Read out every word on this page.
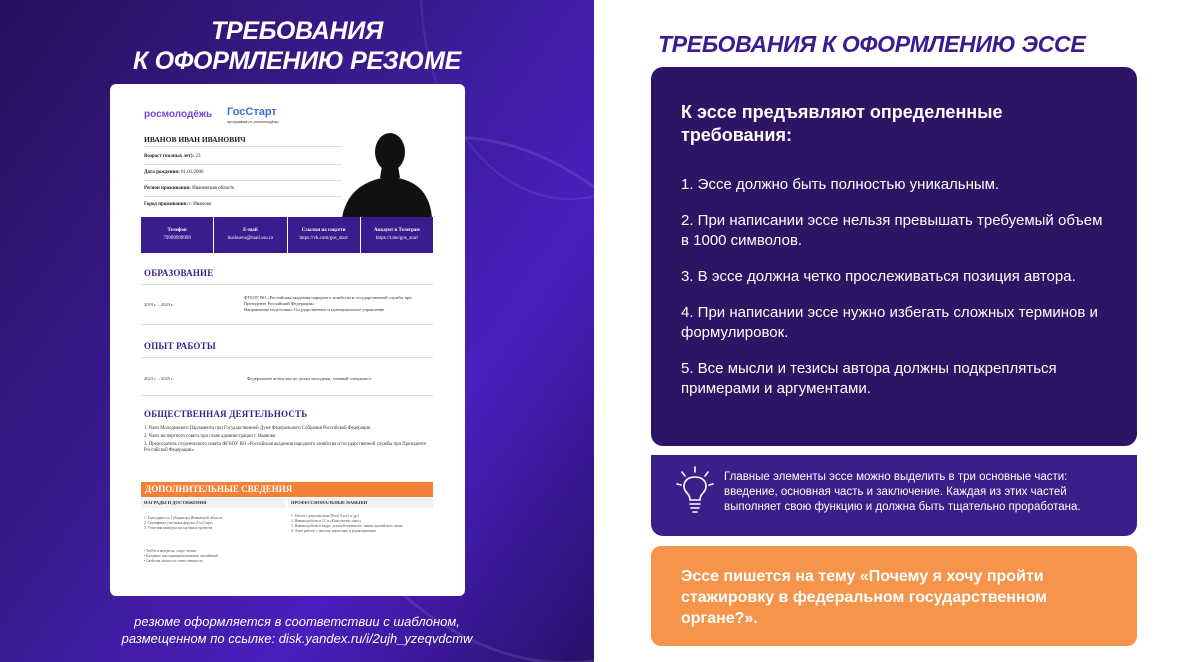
ТРЕБОВАНИЯ
К ОФОРМЛЕНИЮ РЕЗЮМЕ
росмолодёжь ГосСтарт
программа от росмолодёжь
ИВАНОВ ИВАН ИВАНОВИЧ
Возраст (полных лет): 23
Дата рождения: 01.01.2000
Регион проживания: Ивановская область
Город проживания: г. Иваново
Телефон
79999999999
E-mail
bushueva@mail.ssu.ru
Ссылки на соцсети
https://vk.com/gos_start
Аккаунт в Телеграм
https://t.me/gos_start
ОБРАЗОВАНИЕ
2019 г. – 2023 г.
ФГБОУ ВО «Российская академия народного хозяйства и государственной службы при Президенте Российской Федерации»
Направление подготовки: Государственное и муниципальное управление
ОПЫТ РАБОТЫ
2023 г. – 2025 г.	Федеральное агентство по делам молодежи, главный специалист
ОБЩЕСТВЕННАЯ ДЕЯТЕЛЬНОСТЬ
1. Член Молодежного Парламента при Государственной Думе Федерального Собрания Российской Федерации
2. Член экспертного совета при главе администрации г. Иваново
3. Председатель студенческого совета ФГБОУ ВО «Российская академия народного хозяйства и государственной службы при Президенте Российской Федерации»
ДОПОЛНИТЕЛЬНЫЕ СВЕДЕНИЯ
НАГРАДЫ И ДОСТИЖЕНИЯ	ПРОФЕССИОНАЛЬНЫЕ НАВЫКИ
1. Благодарность Губернатора Ивановской области
2. Сертификат участника форума «ГосСтарт»
3. Участник конкурса молодёжных проектов
1. Работа с документами (Word, Excel, и др.)
2. Навыки работы в 1С и «Консультант плюс»
3. Навыки работы в кадре, деловой переписки, знание английского языка
4. Опыт работы с текстом, написание и редактирование
• Хобби и интересы: спорт, чтение
• Владение иностранными языками: английский
• Свойства личности: ответственность
резюме оформляется в соответствии с шаблоном,
размещенном по ссылке: disk.yandex.ru/i/2ujh_yzeqvdcmw
ТРЕБОВАНИЯ К ОФОРМЛЕНИЮ ЭССЕ
К эссе предъявляют определенные требования:
1. Эссе должно быть полностью уникальным.
2. При написании эссе нельзя превышать требуемый объем в 1000 символов.
3. В эссе должна четко прослеживаться позиция автора.
4. При написании эссе нужно избегать сложных терминов и формулировок.
5. Все мысли и тезисы автора должны подкрепляться примерами и аргументами.
Главные элементы эссе можно выделить в три основные части: введение, основная часть и заключение. Каждая из этих частей выполняет свою функцию и должна быть тщательно проработана.
Эссе пишется на тему «Почему я хочу пройти стажировку в федеральном государственном органе?».
